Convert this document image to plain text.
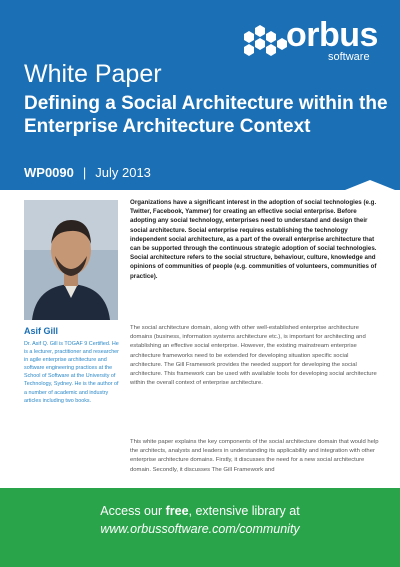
orbus
software
White Paper
Defining a Social Architecture within the Enterprise Architecture Context
WP0090 | July 2013
Asif Gill
Dr. Asif Q. Gill is TOGAF 9 Certified. He is a lecturer, practitioner and researcher in agile enterprise architecture and software engineering practices at the School of Software at the University of Technology, Sydney. He is the author of a number of academic and industry articles including two books.

Organizations have a significant interest in the adoption of social technologies (e.g. Twitter, Facebook, Yammer) for creating an effective social enterprise. Before adopting any social technology, enterprises need to understand and design their social architecture. Social enterprise requires establishing the technology independent social architecture, as a part of the overall enterprise architecture that can be supported through the continuous strategic adoption of social technologies. Social architecture refers to the social structure, behaviour, culture, knowledge and opinions of communities of people (e.g. communities of volunteers, communities of practice).

The social architecture domain, along with other well-established enterprise architecture domains (business, information systems architecture etc.), is important for architecting and establishing an effective social enterprise. However, the existing mainstream enterprise architecture frameworks need to be extended for developing situation specific social architecture. The Gill Framework provides the needed support for developing the social architecture. This framework can be used with available tools for developing social architecture within the overall context of enterprise architecture.

This white paper explains the key components of the social architecture domain that would help the architects, analysts and leaders in understanding its applicability and integration with other enterprise architecture domains. Firstly, it discusses the need for a new social architecture domain. Secondly, it discusses The Gill Framework and

Access our free, extensive library at
www.orbussoftware.com/community
